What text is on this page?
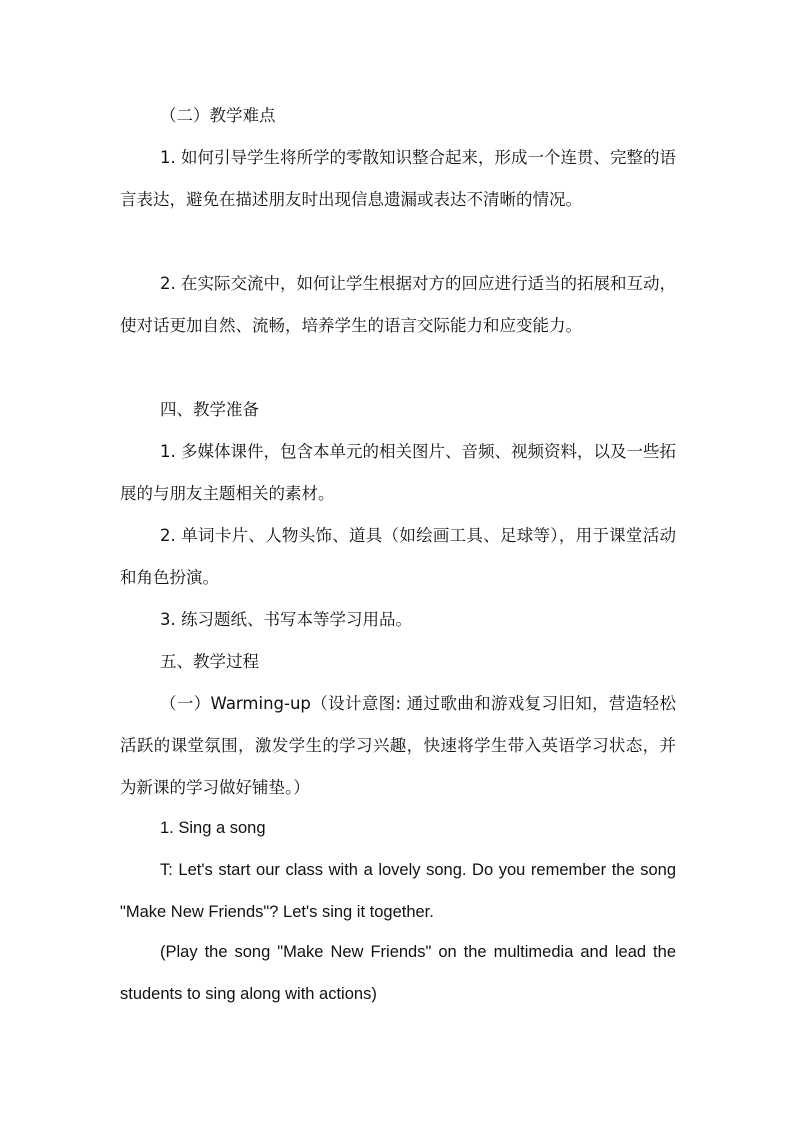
（二）教学难点

1. 如何引导学生将所学的零散知识整合起来，形成一个连贯、完整的语言表达，避免在描述朋友时出现信息遗漏或表达不清晰的情况。

2. 在实际交流中，如何让学生根据对方的回应进行适当的拓展和互动，使对话更加自然、流畅，培养学生的语言交际能力和应变能力。

四、教学准备

1. 多媒体课件，包含本单元的相关图片、音频、视频资料，以及一些拓展的与朋友主题相关的素材。

2. 单词卡片、人物头饰、道具（如绘画工具、足球等），用于课堂活动和角色扮演。

3. 练习题纸、书写本等学习用品。

五、教学过程

（一）Warming-up（设计意图: 通过歌曲和游戏复习旧知，营造轻松活跃的课堂氛围，激发学生的学习兴趣，快速将学生带入英语学习状态，并为新课的学习做好铺垫。）

1. Sing a song

T: Let's start our class with a lovely song. Do you remember the song "Make New Friends"? Let's sing it together.

(Play the song "Make New Friends" on the multimedia and lead the students to sing along with actions)
